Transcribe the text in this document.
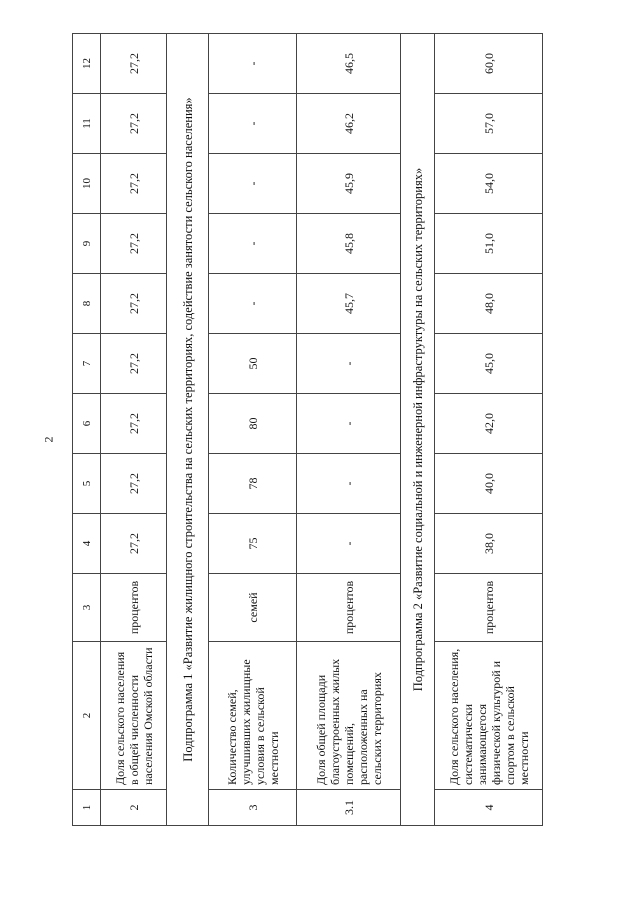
2
1	2	3	4	5	6	7	8	9	10	11	12
2	Доля сельского населения в общей численности населения Омской области	процентов	27,2	27,2	27,2	27,2	27,2	27,2	27,2	27,2	27,2
Подпрограмма 1 «Развитие жилищного строительства на сельских территориях, содействие занятости сельского населения»											
3	Количество семей, улучшивших жилищные условия в сельской местности	семей	75	78	80	50	-	-	-	-	-
3.1	Доля общей площади благоустроенных жилых помещений, расположенных на сельских территориях	процентов	-	-	-	-	45,7	45,8	45,9	46,2	46,5
Подпрограмма 2 «Развитие социальной и инженерной инфраструктуры на сельских территориях»											
4	Доля сельского населения, систематически занимающегося физической культурой и спортом в сельской местности	процентов	38,0	40,0	42,0	45,0	48,0	51,0	54,0	57,0	60,0
